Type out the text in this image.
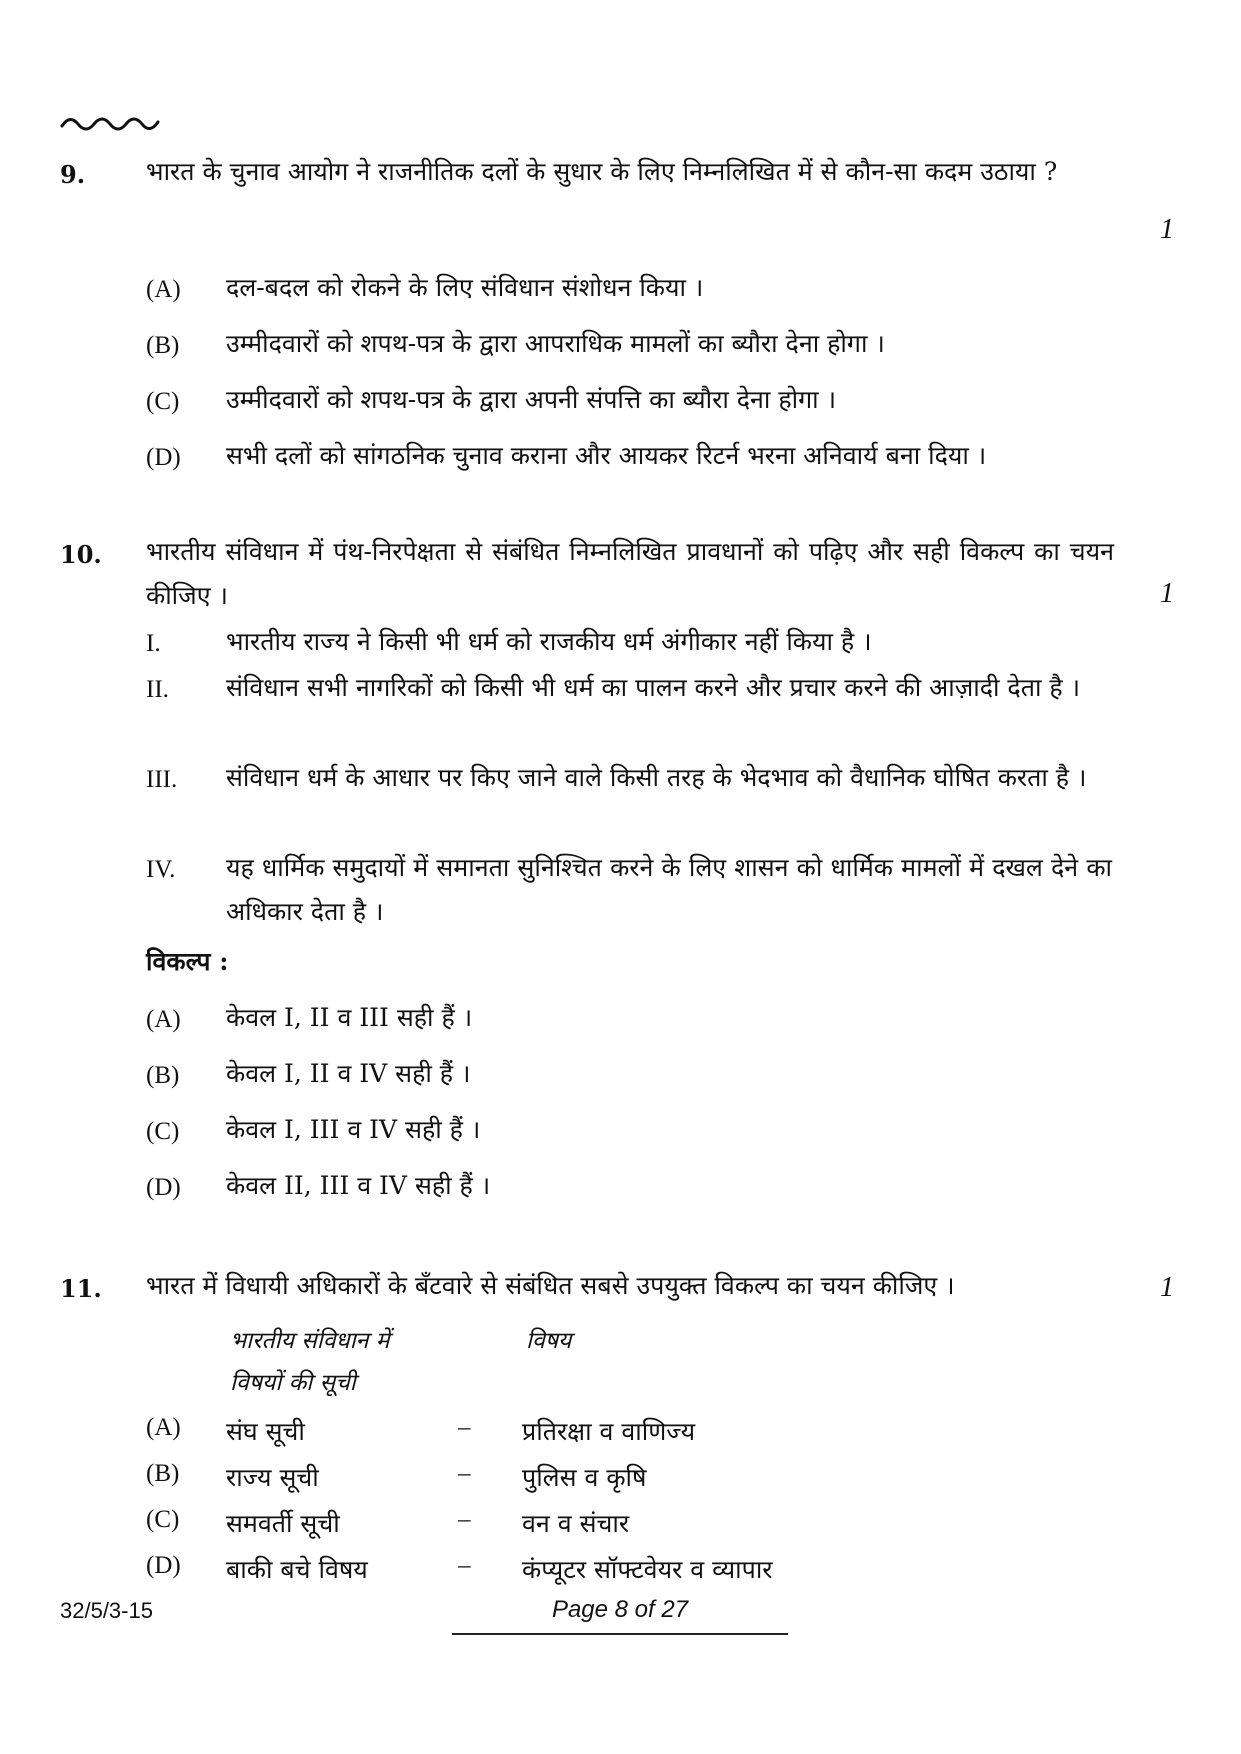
9. भारत के चुनाव आयोग ने राजनीतिक दलों के सुधार के लिए निम्नलिखित में से कौन-सा कदम उठाया ?
1
(A) दल-बदल को रोकने के लिए संविधान संशोधन किया ।
(B) उम्मीदवारों को शपथ-पत्र के द्वारा आपराधिक मामलों का ब्यौरा देना होगा ।
(C) उम्मीदवारों को शपथ-पत्र के द्वारा अपनी संपत्ति का ब्यौरा देना होगा ।
(D) सभी दलों को सांगठनिक चुनाव कराना और आयकर रिटर्न भरना अनिवार्य बना दिया ।
10. भारतीय संविधान में पंथ-निरपेक्षता से संबंधित निम्नलिखित प्रावधानों को पढ़िए और सही विकल्प का चयन कीजिए ।	1
I.	भारतीय राज्य ने किसी भी धर्म को राजकीय धर्म अंगीकार नहीं किया है ।
II. संविधान सभी नागरिकों को किसी भी धर्म का पालन करने और प्रचार करने की आज़ादी देता है ।
III. संविधान धर्म के आधार पर किए जाने वाले किसी तरह के भेदभाव को वैधानिक घोषित करता है ।
IV. यह धार्मिक समुदायों में समानता सुनिश्चित करने के लिए शासन को धार्मिक मामलों में दखल देने का अधिकार देता है ।
विकल्प :
(A) केवल I, II व III सही हैं ।
(B) केवल I, II व IV सही हैं ।
(C) केवल I, III व IV सही हैं ।
(D) केवल II, III व IV सही हैं ।
11. भारत में विधायी अधिकारों के बँटवारे से संबंधित सबसे उपयुक्त विकल्प का चयन कीजिए ।	1
भारतीय संविधान में
विषयों की सूची
विषय
(A) संघ सूची	– प्रतिरक्षा व वाणिज्य
(B) राज्य सूची	– पुलिस व कृषि
(C) समवर्ती सूची	– वन व संचार
(D) बाकी बचे विषय	– कंप्यूटर सॉफ्टवेयर व व्यापार
32/5/3-15	Page 8 of 27
